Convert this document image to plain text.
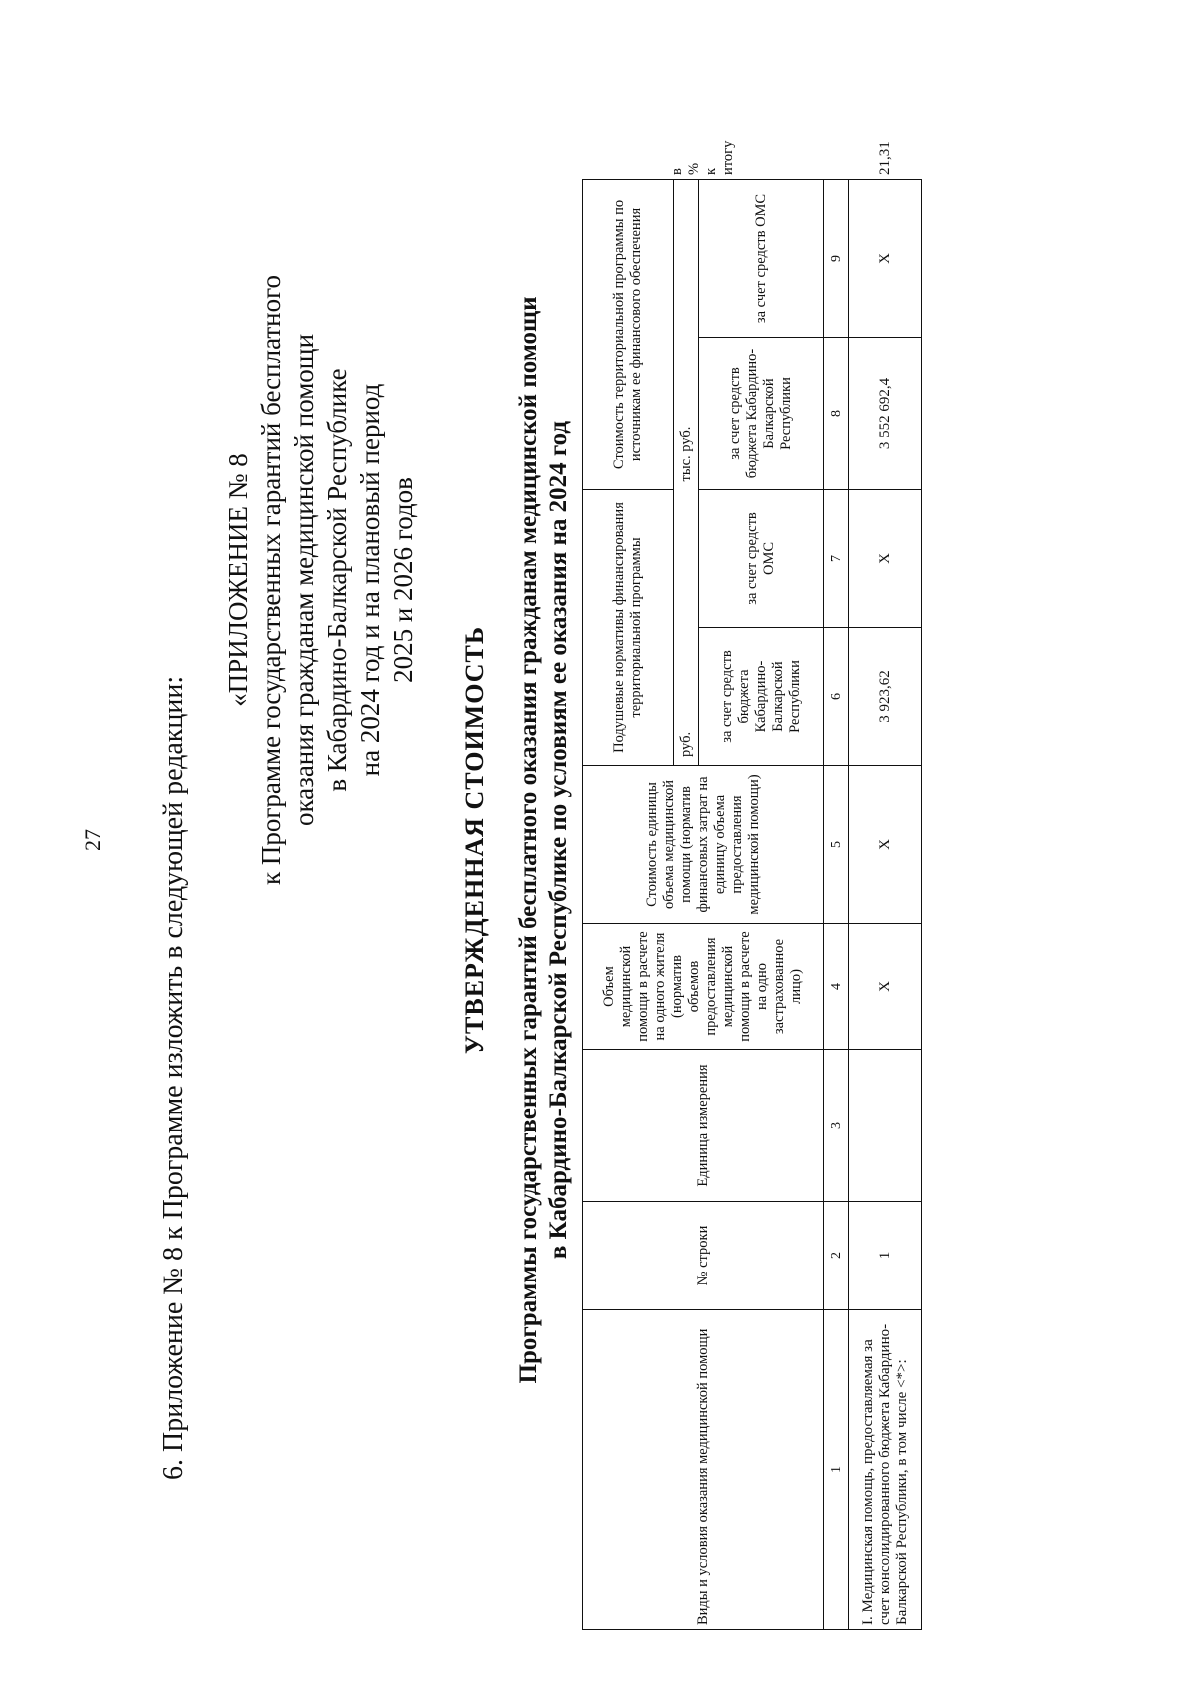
27 6. Приложение № 8 к Программе изложить в следующей редакции:
«ПРИЛОЖЕНИЕ № 8 к Программе государственных гарантий бесплатного оказания гражданам медицинской помощи в Кабардино-Балкарской Республике на 2024 год и на плановый период 2025 и 2026 годов
УТВЕРЖДЕННАЯ СТОИМОСТЬ Программы государственных гарантий бесплатного оказания гражданам медицинской помощи в Кабардино-Балкарской Республике по условиям ее оказания на 2024 год
Виды и условия оказания медицинской помощи	№ строки	Единица измерения	Объем медицинской помощи в расчете на одного жителя (норматив объемов предоставления медицинской помощи в расчете на одно застрахованное лицо)	Стоимость единицы объема медицинской помощи (норматив финансовых затрат на единицу объема предоставления медицинской помощи)	Подушевые нормативы финансирования территориальной программы		Стоимость территориальной программы по источникам ее финансового обеспечения		в % к итогу
					руб.		тыс. руб.		
					за счет средств бюджета Кабардино-Балкарской Республики	за счет средств ОМС	за счет средств бюджета Кабардино-Балкарской Республики	за счет средств ОМС	
1	2	3	4	5	6	7	8	9	
I. Медицинская помощь, предоставляемая за счет консолидированного бюджета Кабардино-Балкарской Республики, в том числе <*>:	1		X	X	3 923,62	X	3 552 692,4	X	21,31
